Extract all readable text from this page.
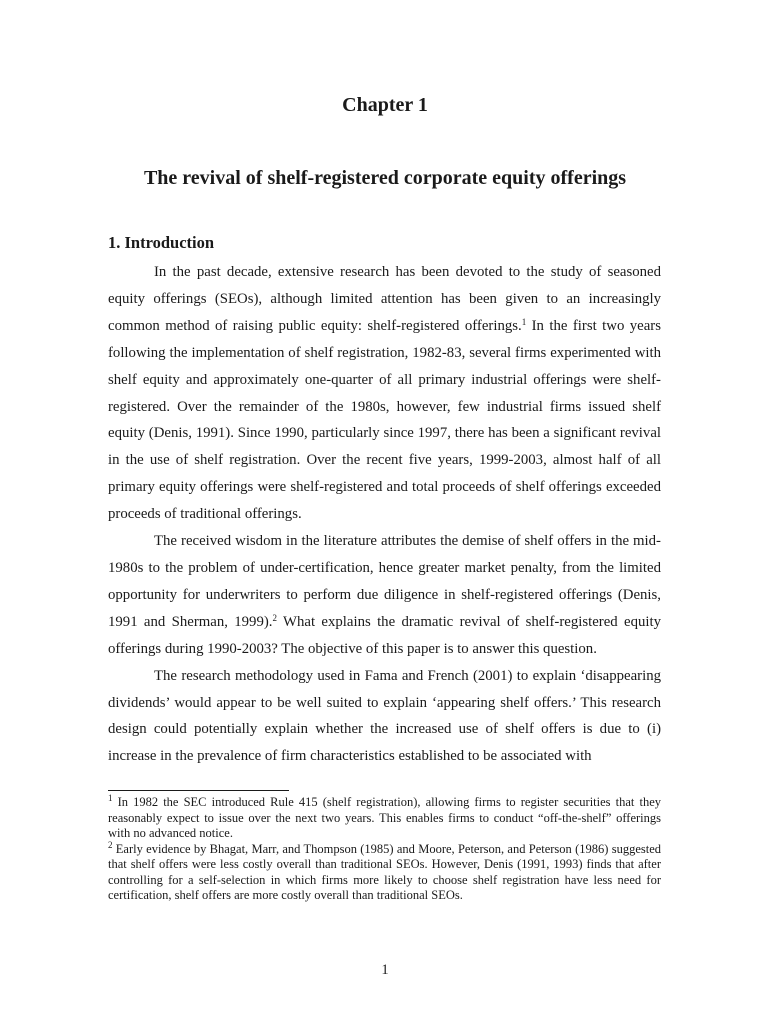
Chapter 1
The revival of shelf-registered corporate equity offerings
1. Introduction

In the past decade, extensive research has been devoted to the study of seasoned equity offerings (SEOs), although limited attention has been given to an increasingly common method of raising public equity: shelf-registered offerings.$^1$ In the first two years following the implementation of shelf registration, 1982-83, several firms experimented with shelf equity and approximately one-quarter of all primary industrial offerings were shelf-registered. Over the remainder of the 1980s, however, few industrial firms issued shelf equity (Denis, 1991). Since 1990, particularly since 1997, there has been a significant revival in the use of shelf registration. Over the recent five years, 1999-2003, almost half of all primary equity offerings were shelf-registered and total proceeds of shelf offerings exceeded proceeds of traditional offerings.

The received wisdom in the literature attributes the demise of shelf offers in the mid-1980s to the problem of under-certification, hence greater market penalty, from the limited opportunity for underwriters to perform due diligence in shelf-registered offerings (Denis, 1991 and Sherman, 1999).$^2$ What explains the dramatic revival of shelf-registered equity offerings during 1990-2003? The objective of this paper is to answer this question.

The research methodology used in Fama and French (2001) to explain ‘disappearing dividends’ would appear to be well suited to explain ‘appearing shelf offers.’ This research design could potentially explain whether the increased use of shelf offers is due to (i) increase in the prevalence of firm characteristics established to be associated with

$^1$ In 1982 the SEC introduced Rule 415 (shelf registration), allowing firms to register securities that they reasonably expect to issue over the next two years. This enables firms to conduct “off-the-shelf” offerings with no advanced notice.

$^2$ Early evidence by Bhagat, Marr, and Thompson (1985) and Moore, Peterson, and Peterson (1986) suggested that shelf offers were less costly overall than traditional SEOs. However, Denis (1991, 1993) finds that after controlling for a self-selection in which firms more likely to choose shelf registration have less need for certification, shelf offers are more costly overall than traditional SEOs.

1
